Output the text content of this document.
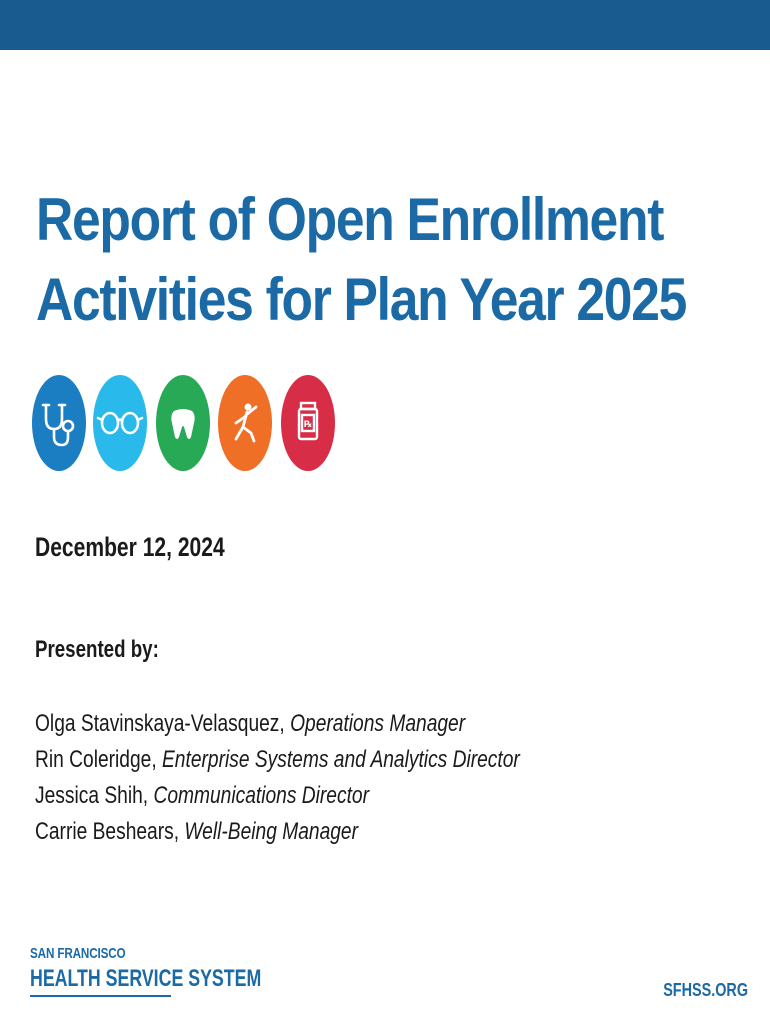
Report of Open Enrollment
Activities for Plan Year 2025
℞

December 12, 2024

Presented by:

Olga Stavinskaya-Velasquez, Operations Manager
Rin Coleridge, Enterprise Systems and Analytics Director
Jessica Shih, Communications Director
Carrie Beshears, Well-Being Manager
SAN FRANCISCO
HEALTH SERVICE SYSTEM	SFHSS.ORG
